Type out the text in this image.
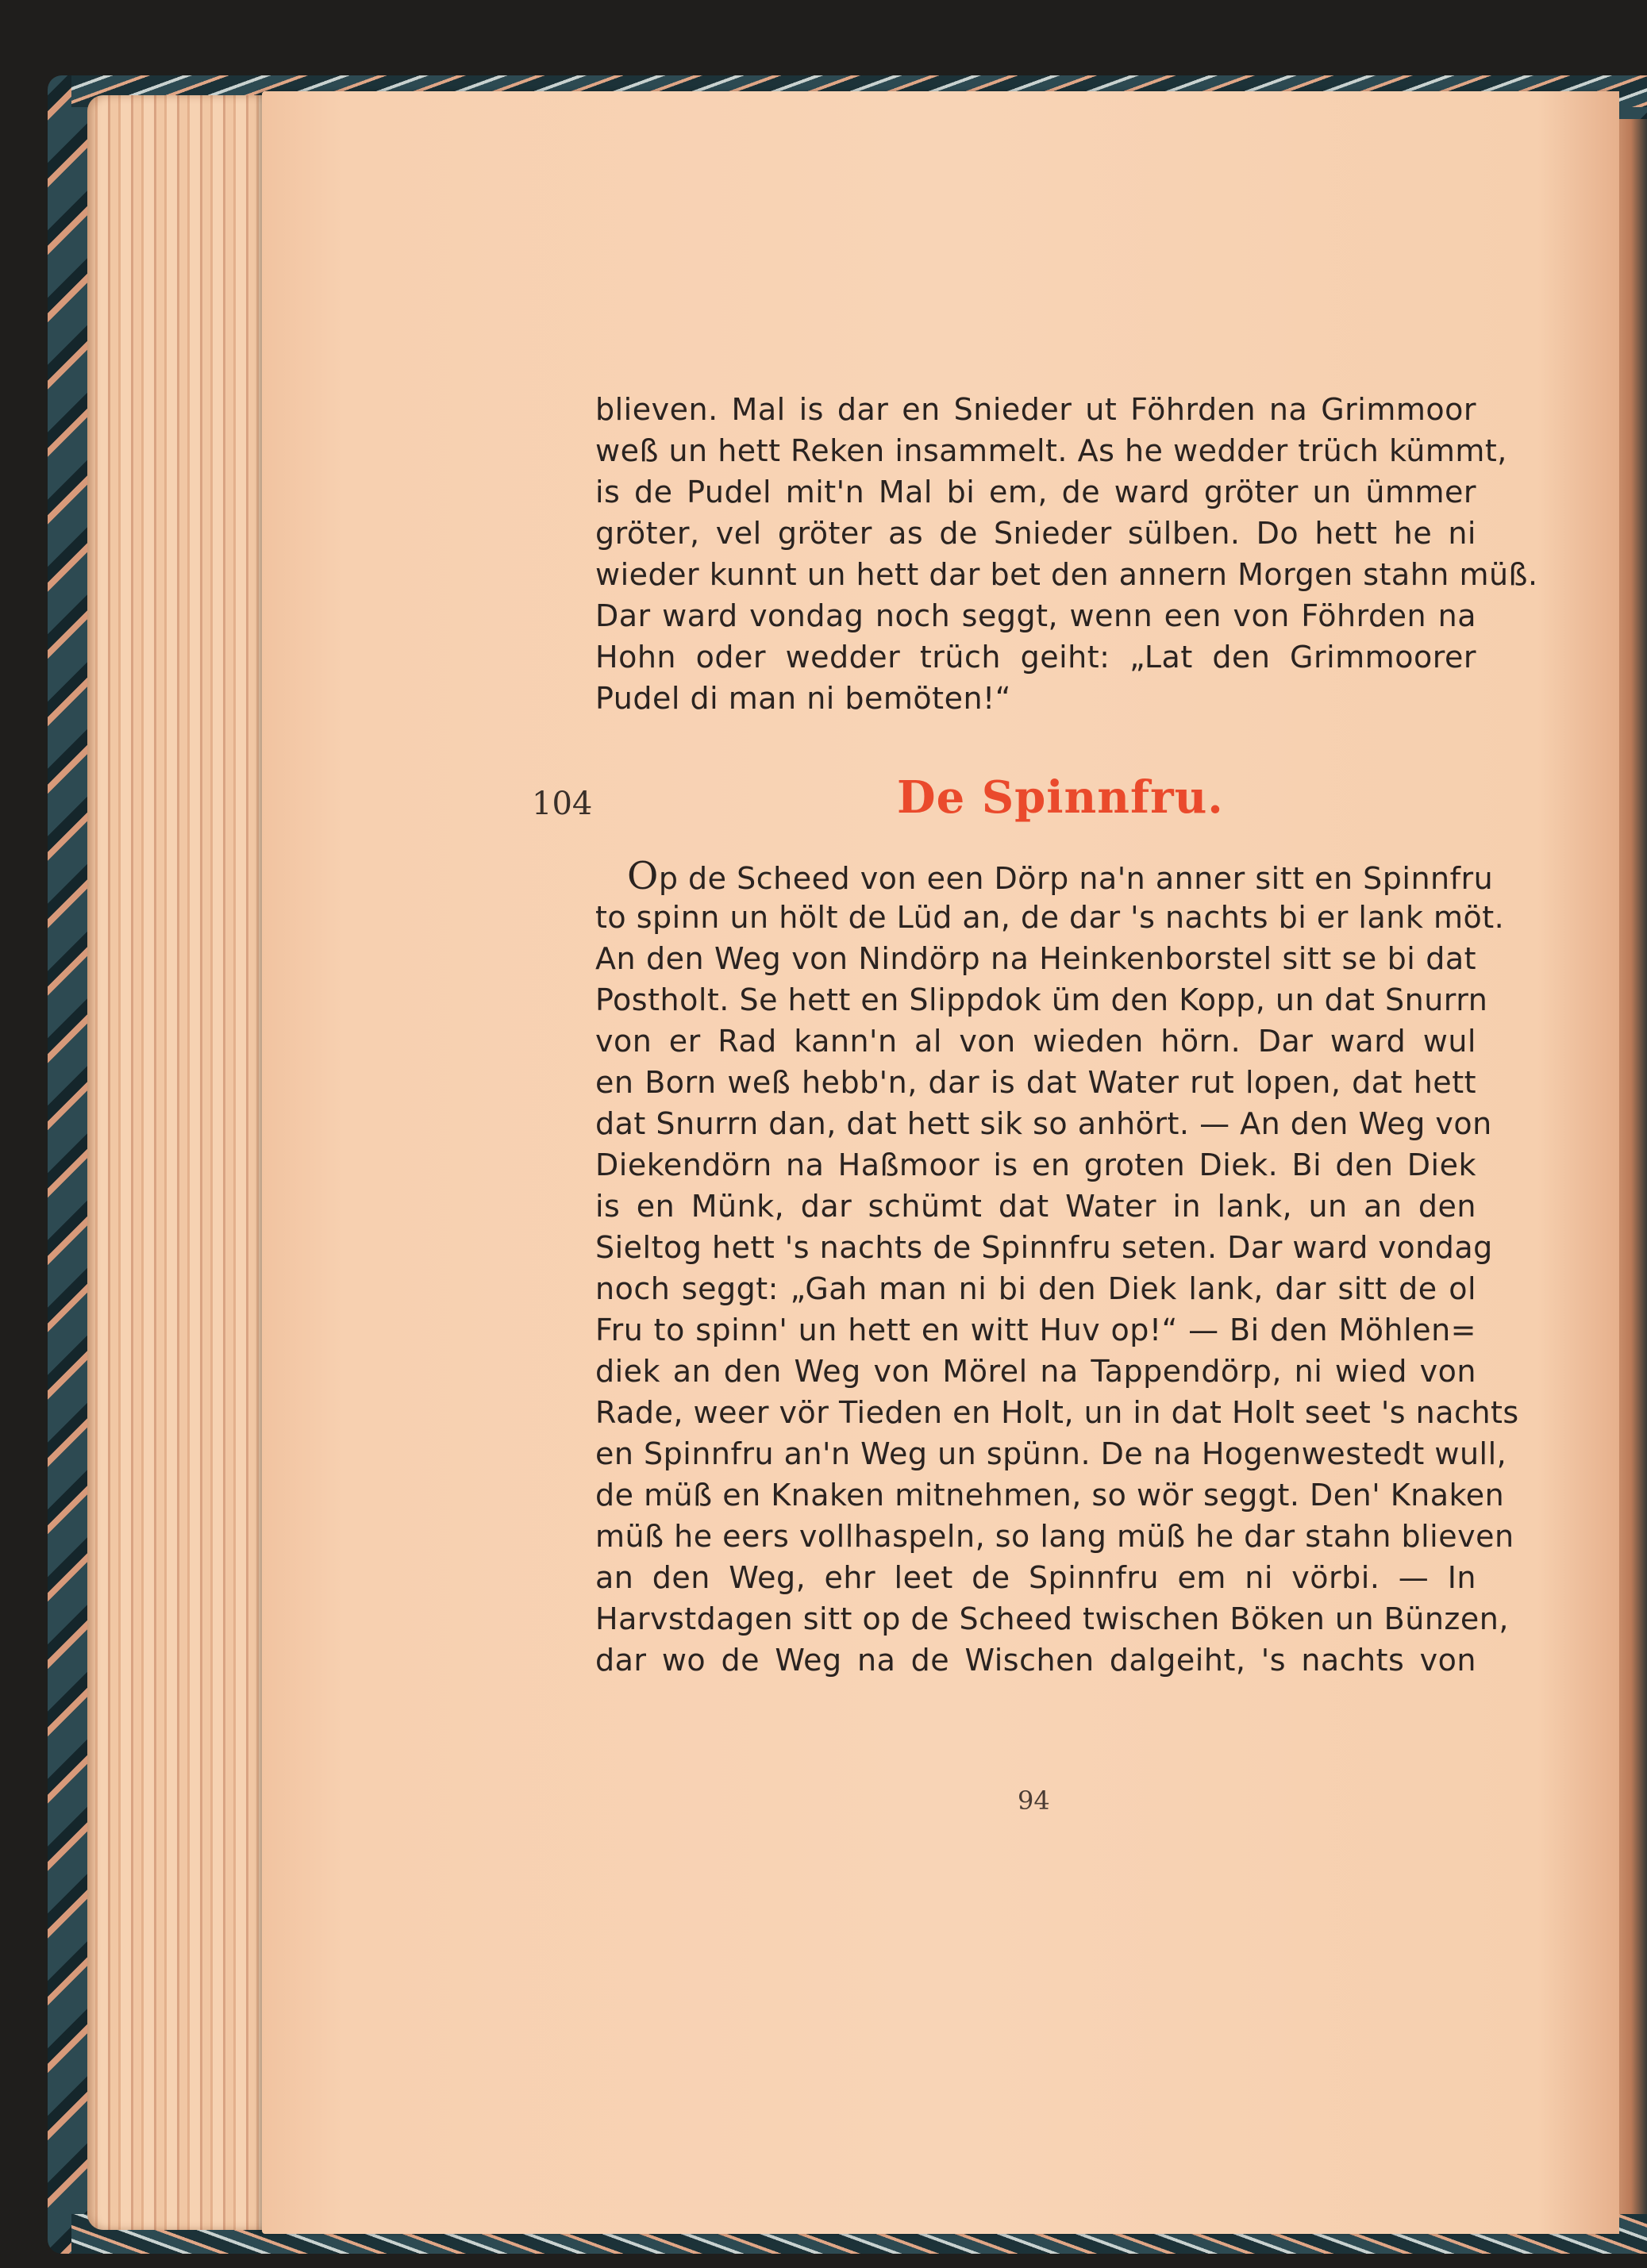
blieven. Mal is dar en Snieder ut Föhrden na Grimmoor
weß un hett Reken insammelt. As he wedder trüch kümmt,
is de Pudel mit'n Mal bi em, de ward gröter un ümmer
gröter, vel gröter as de Snieder sülben. Do hett he ni
wieder kunnt un hett dar bet den annern Morgen stahn müß.
Dar ward vondag noch seggt, wenn een von Föhrden na
Hohn oder wedder trüch geiht: „Lat den Grimmoorer
Pudel di man ni bemöten!“
104	De Spinnfru.
Op de Scheed von een Dörp na'n anner sitt en Spinnfru
to spinn un hölt de Lüd an, de dar 's nachts bi er lank möt.
An den Weg von Nindörp na Heinkenborstel sitt se bi dat
Postholt. Se hett en Slippdok üm den Kopp, un dat Snurrn
von er Rad kann'n al von wieden hörn. Dar ward wul
en Born weß hebb'n, dar is dat Water rut lopen, dat hett
dat Snurrn dan, dat hett sik so anhört. — An den Weg von
Diekendörn na Haßmoor is en groten Diek. Bi den Diek
is en Münk, dar schümt dat Water in lank, un an den
Sieltog hett 's nachts de Spinnfru seten. Dar ward vondag
noch seggt: „Gah man ni bi den Diek lank, dar sitt de ol
Fru to spinn' un hett en witt Huv op!“ — Bi den Möhlen=
diek an den Weg von Mörel na Tappendörp, ni wied von
Rade, weer vör Tieden en Holt, un in dat Holt seet 's nachts
en Spinnfru an'n Weg un spünn. De na Hogenwestedt wull,
de müß en Knaken mitnehmen, so wör seggt. Den' Knaken
müß he eers vollhaspeln, so lang müß he dar stahn blieven
an den Weg, ehr leet de Spinnfru em ni vörbi. — In
Harvstdagen sitt op de Scheed twischen Böken un Bünzen,
dar wo de Weg na de Wischen dalgeiht, 's nachts von
94
